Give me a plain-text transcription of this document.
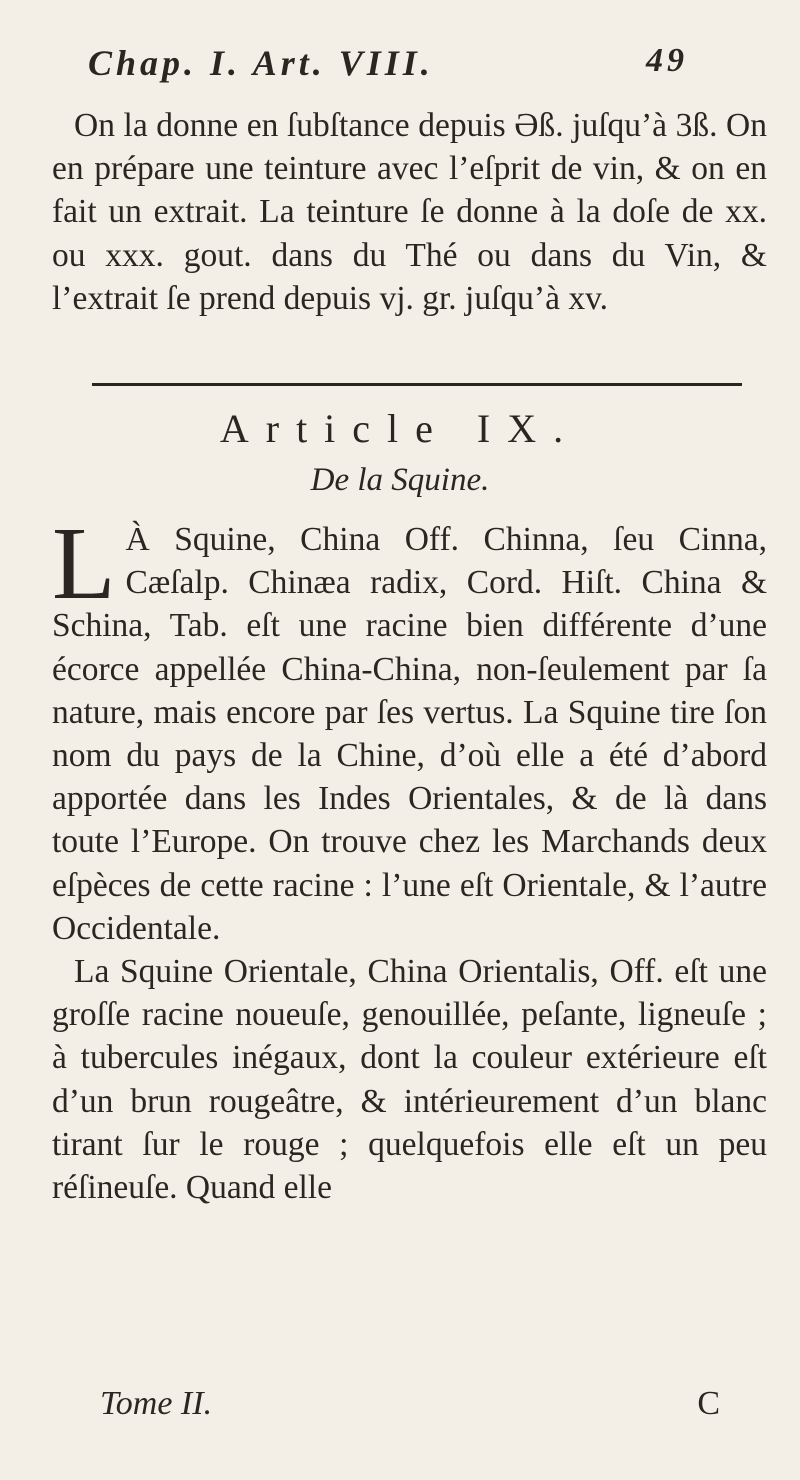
Chap. I. Art. VIII.	49

On la donne en ſubſtance depuis Əß. juſqu’à 3ß. On en prépare une teinture avec l’eſprit de vin, & on en fait un extrait. La teinture ſe donne à la doſe de xx. ou xxx. gout. dans du Thé ou dans du Vin, & l’extrait ſe prend depuis vj. gr. juſqu’à xv.

Article IX.
De la Squine.

L À Squine, China Off. Chinna, ſeu Cinna, Cæſalp. Chinæa radix, Cord. Hiſt. China & Schina, Tab. eſt une racine bien différente d’une écorce appellée China-China, non-ſeulement par ſa nature, mais encore par ſes vertus. La Squine tire ſon nom du pays de la Chine, d’où elle a été d’abord apportée dans les Indes Orientales, & de là dans toute l’Europe. On trouve chez les Marchands deux eſpèces de cette racine : l’une eſt Orientale, & l’autre Occidentale.

La Squine Orientale, China Orientalis, Off. eſt une groſſe racine noueuſe, genouillée, peſante, ligneuſe ; à tubercules inégaux, dont la couleur extérieure eſt d’un brun rougeâtre, & intérieurement d’un blanc tirant ſur le rouge ; quelquefois elle eſt un peu réſineuſe. Quand elle

Tome II.	C
